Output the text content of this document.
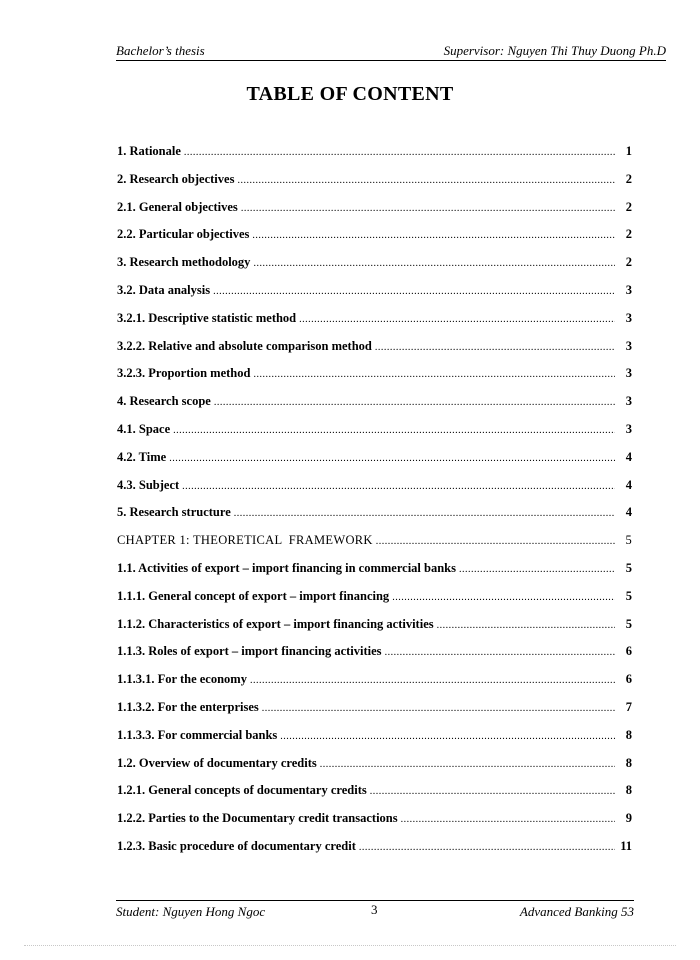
Bachelor’s thesis	Supervisor: Nguyen Thi Thuy Duong Ph.D
TABLE OF CONTENT
1. Rationale .....	1
2. Research objectives .....	2
2.1. General objectives .....	2
2.2. Particular objectives .....	2
3. Research methodology .....	2
3.2. Data analysis .....	3
3.2.1. Descriptive statistic method .....	3
3.2.2. Relative and absolute comparison method .....	3
3.2.3. Proportion method .....	3
4. Research scope .....	3
4.1. Space .....	3
4.2. Time .....	4
4.3. Subject .....	4
5. Research structure .....	4
CHAPTER 1: THEORETICAL  FRAMEWORK .....	5
1.1. Activities of export – import financing in commercial banks .....	5
1.1.1. General concept of export – import financing .....	5
1.1.2. Characteristics of export – import financing activities .....	5
1.1.3. Roles of export – import financing activities .....	6
1.1.3.1. For the economy .....	6
1.1.3.2. For the enterprises .....	7
1.1.3.3. For commercial banks .....	8
1.2. Overview of documentary credits .....	8
1.2.1. General concepts of documentary credits .....	8
1.2.2. Parties to the Documentary credit transactions .....	9
1.2.3. Basic procedure of documentary credit .....	11
Student: Nguyen Hong Ngoc	3	Advanced Banking 53
